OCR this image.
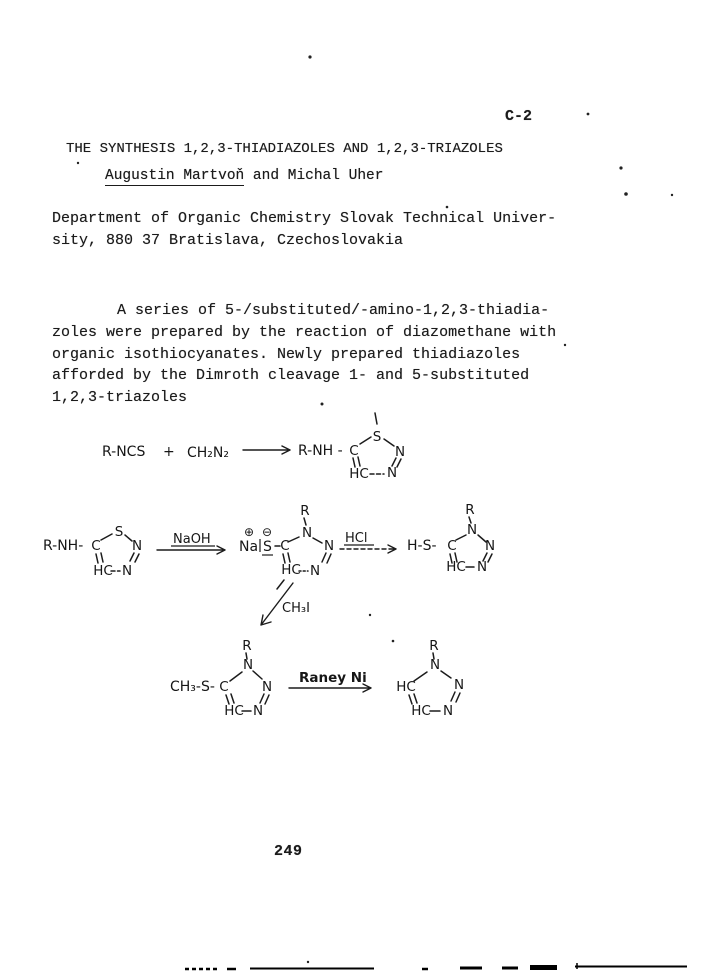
C-2
THE SYNTHESIS 1,2,3-THIADIAZOLES AND 1,2,3-TRIAZOLES
Augustin Martvoň and Michal Uher
Department of Organic Chemistry Slovak Technical Univer-
sity, 880 37 Bratislava, Czechoslovakia
A series of 5-/substituted/-amino-1,2,3-thiadia-
zoles were prepared by the reaction of diazomethane with
organic isothiocyanates. Newly prepared thiadiazoles
afforded by the Dimroth cleavage 1- and 5-substituted
1,2,3-triazoles
249
R-NCS + CH₂N₂	R-NH - C
S
N
HC N
R-NH- C
S
N
HC N
NaOH	⊕ ⊖
Na S C
R
N
N
HC N
HCl	H-S- C
R
N
N
HC N
CH₃I
CH₃-S- C
R
N
N
HC N
Raney Ni
HC
R
N
N
HC N
